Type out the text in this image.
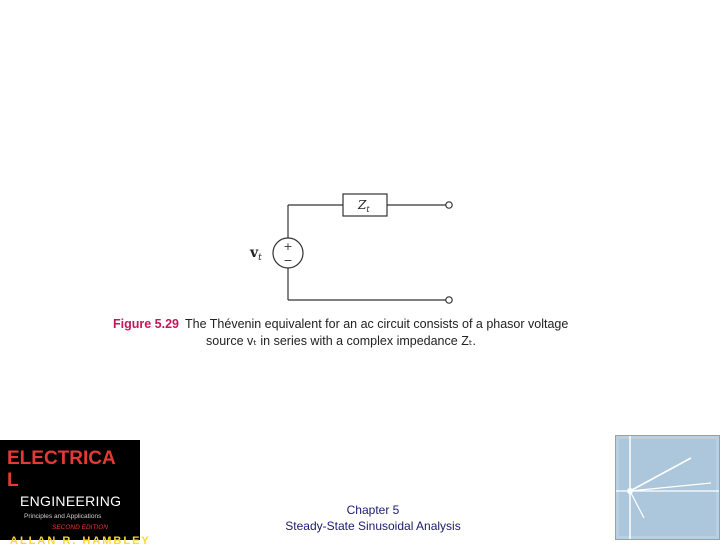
+
−
$v_t$
$Z_t$
Figure 5.29 The Thévenin equivalent for an ac circuit consists of a phasor voltage
source vₜ in series with a complex impedance Zₜ.
ELECTRICA
L
ENGINEERING
Principles and Applications
SECOND EDITION
ALLAN R. HAMBLEY
Chapter 5
Steady-State Sinusoidal Analysis
